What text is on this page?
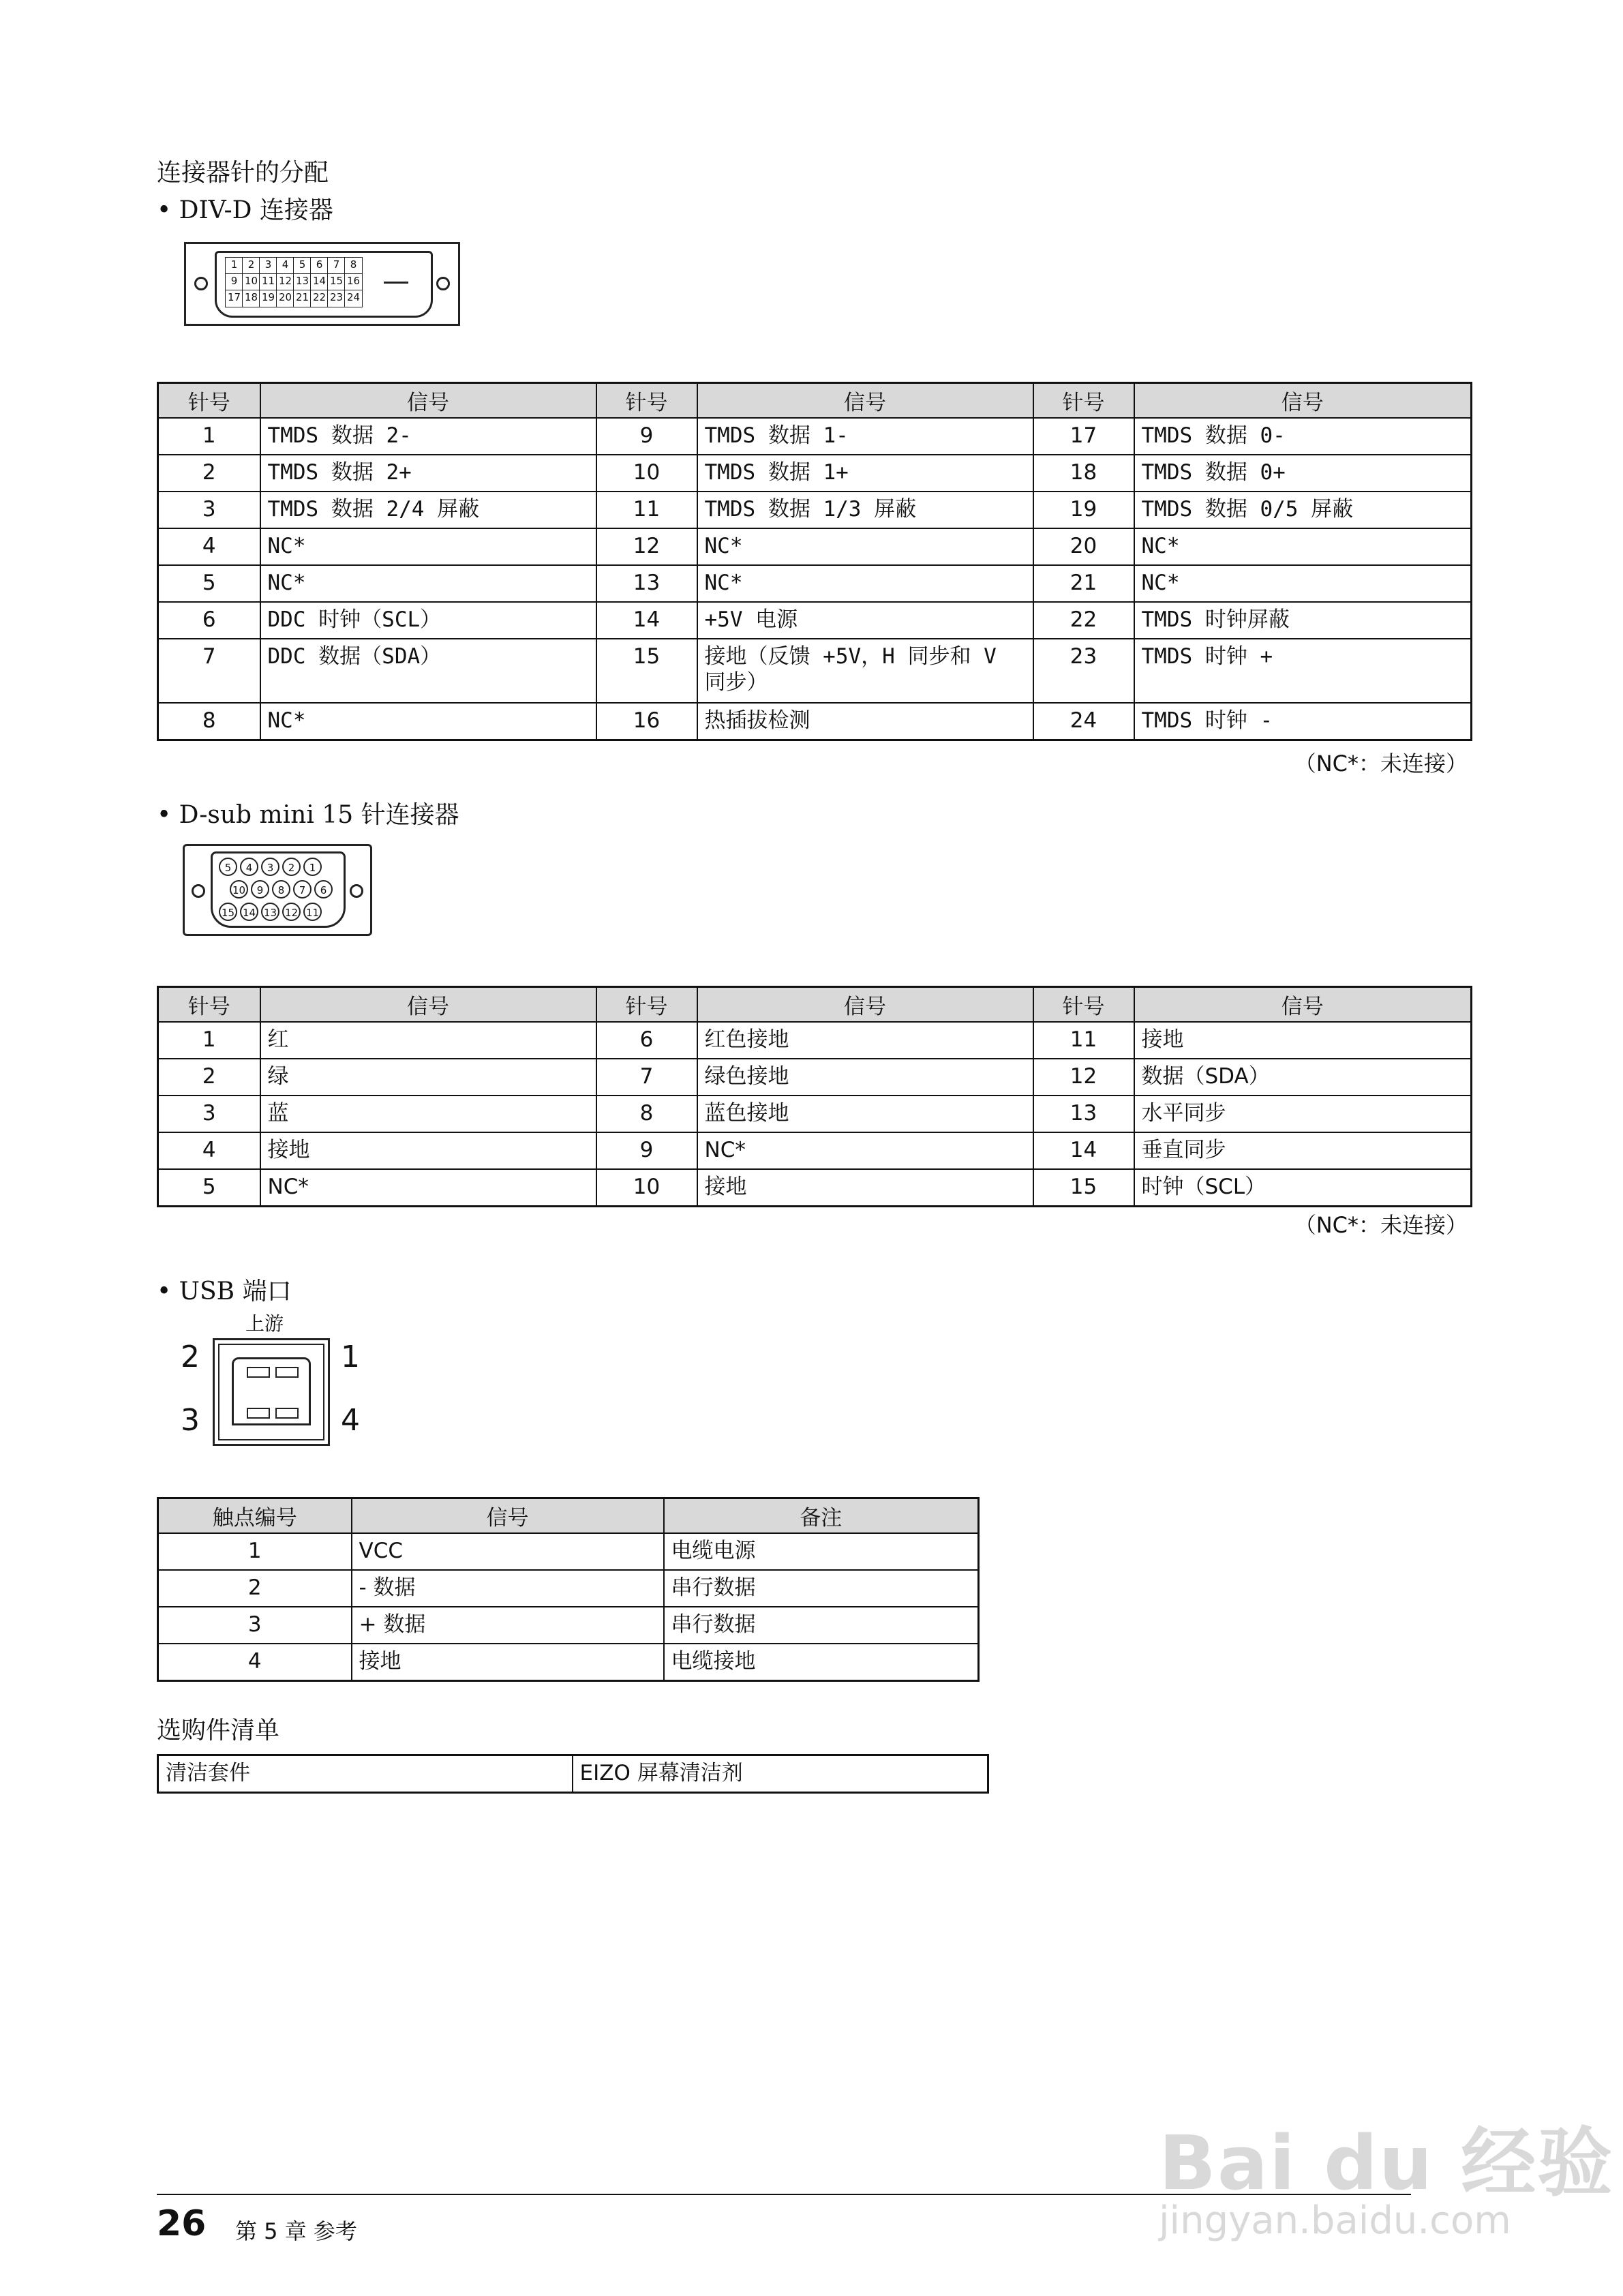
连接器针的分配
• DIV-D 连接器
1	2	3	4	5	6	7	8
9 10 11 12 13 14 15 16
17 18 19 20 21 22 23 24
针号	信号	针号	信号	针号	信号
1	TMDS 数据 2-	9	TMDS 数据 1-	17	TMDS 数据 0-
2	TMDS 数据 2+	10	TMDS 数据 1+	18	TMDS 数据 0+
3	TMDS 数据 2/4 屏蔽	11	TMDS 数据 1/3 屏蔽	19	TMDS 数据 0/5 屏蔽
4	NC*	12	NC*	20	NC*
5	NC*	13	NC*	21	NC*
6	DDC 时钟（SCL）	14	+5V 电源	22	TMDS 时钟屏蔽
7	DDC 数据（SDA）	15	接地（反馈 +5V，H 同步和 V 同步）	23	TMDS 时钟 +
8	NC*	16	热插拔检测	24	TMDS 时钟 -
（NC*：未连接）
• D-sub mini 15 针连接器
5	4	3	2	1
10	9	8	7	6
15 14 13 12 11
针号	信号	针号	信号	针号	信号
1	红	6	红色接地	11	接地
2	绿	7	绿色接地	12	数据（SDA）
3	蓝	8	蓝色接地	13	水平同步
4	接地	9	NC*	14	垂直同步
5	NC*	10	接地	15	时钟（SCL）
（NC*：未连接）
• USB 端口
上游
2	1
3	4
触点编号	信号	备注
1	VCC	电缆电源
2	- 数据	串行数据
3	+ 数据	串行数据
4	接地	电缆接地
选购件清单
清洁套件	EIZO 屏幕清洁剂
26 第 5 章 参考
Bai du 经验
jingyan.baidu.com
